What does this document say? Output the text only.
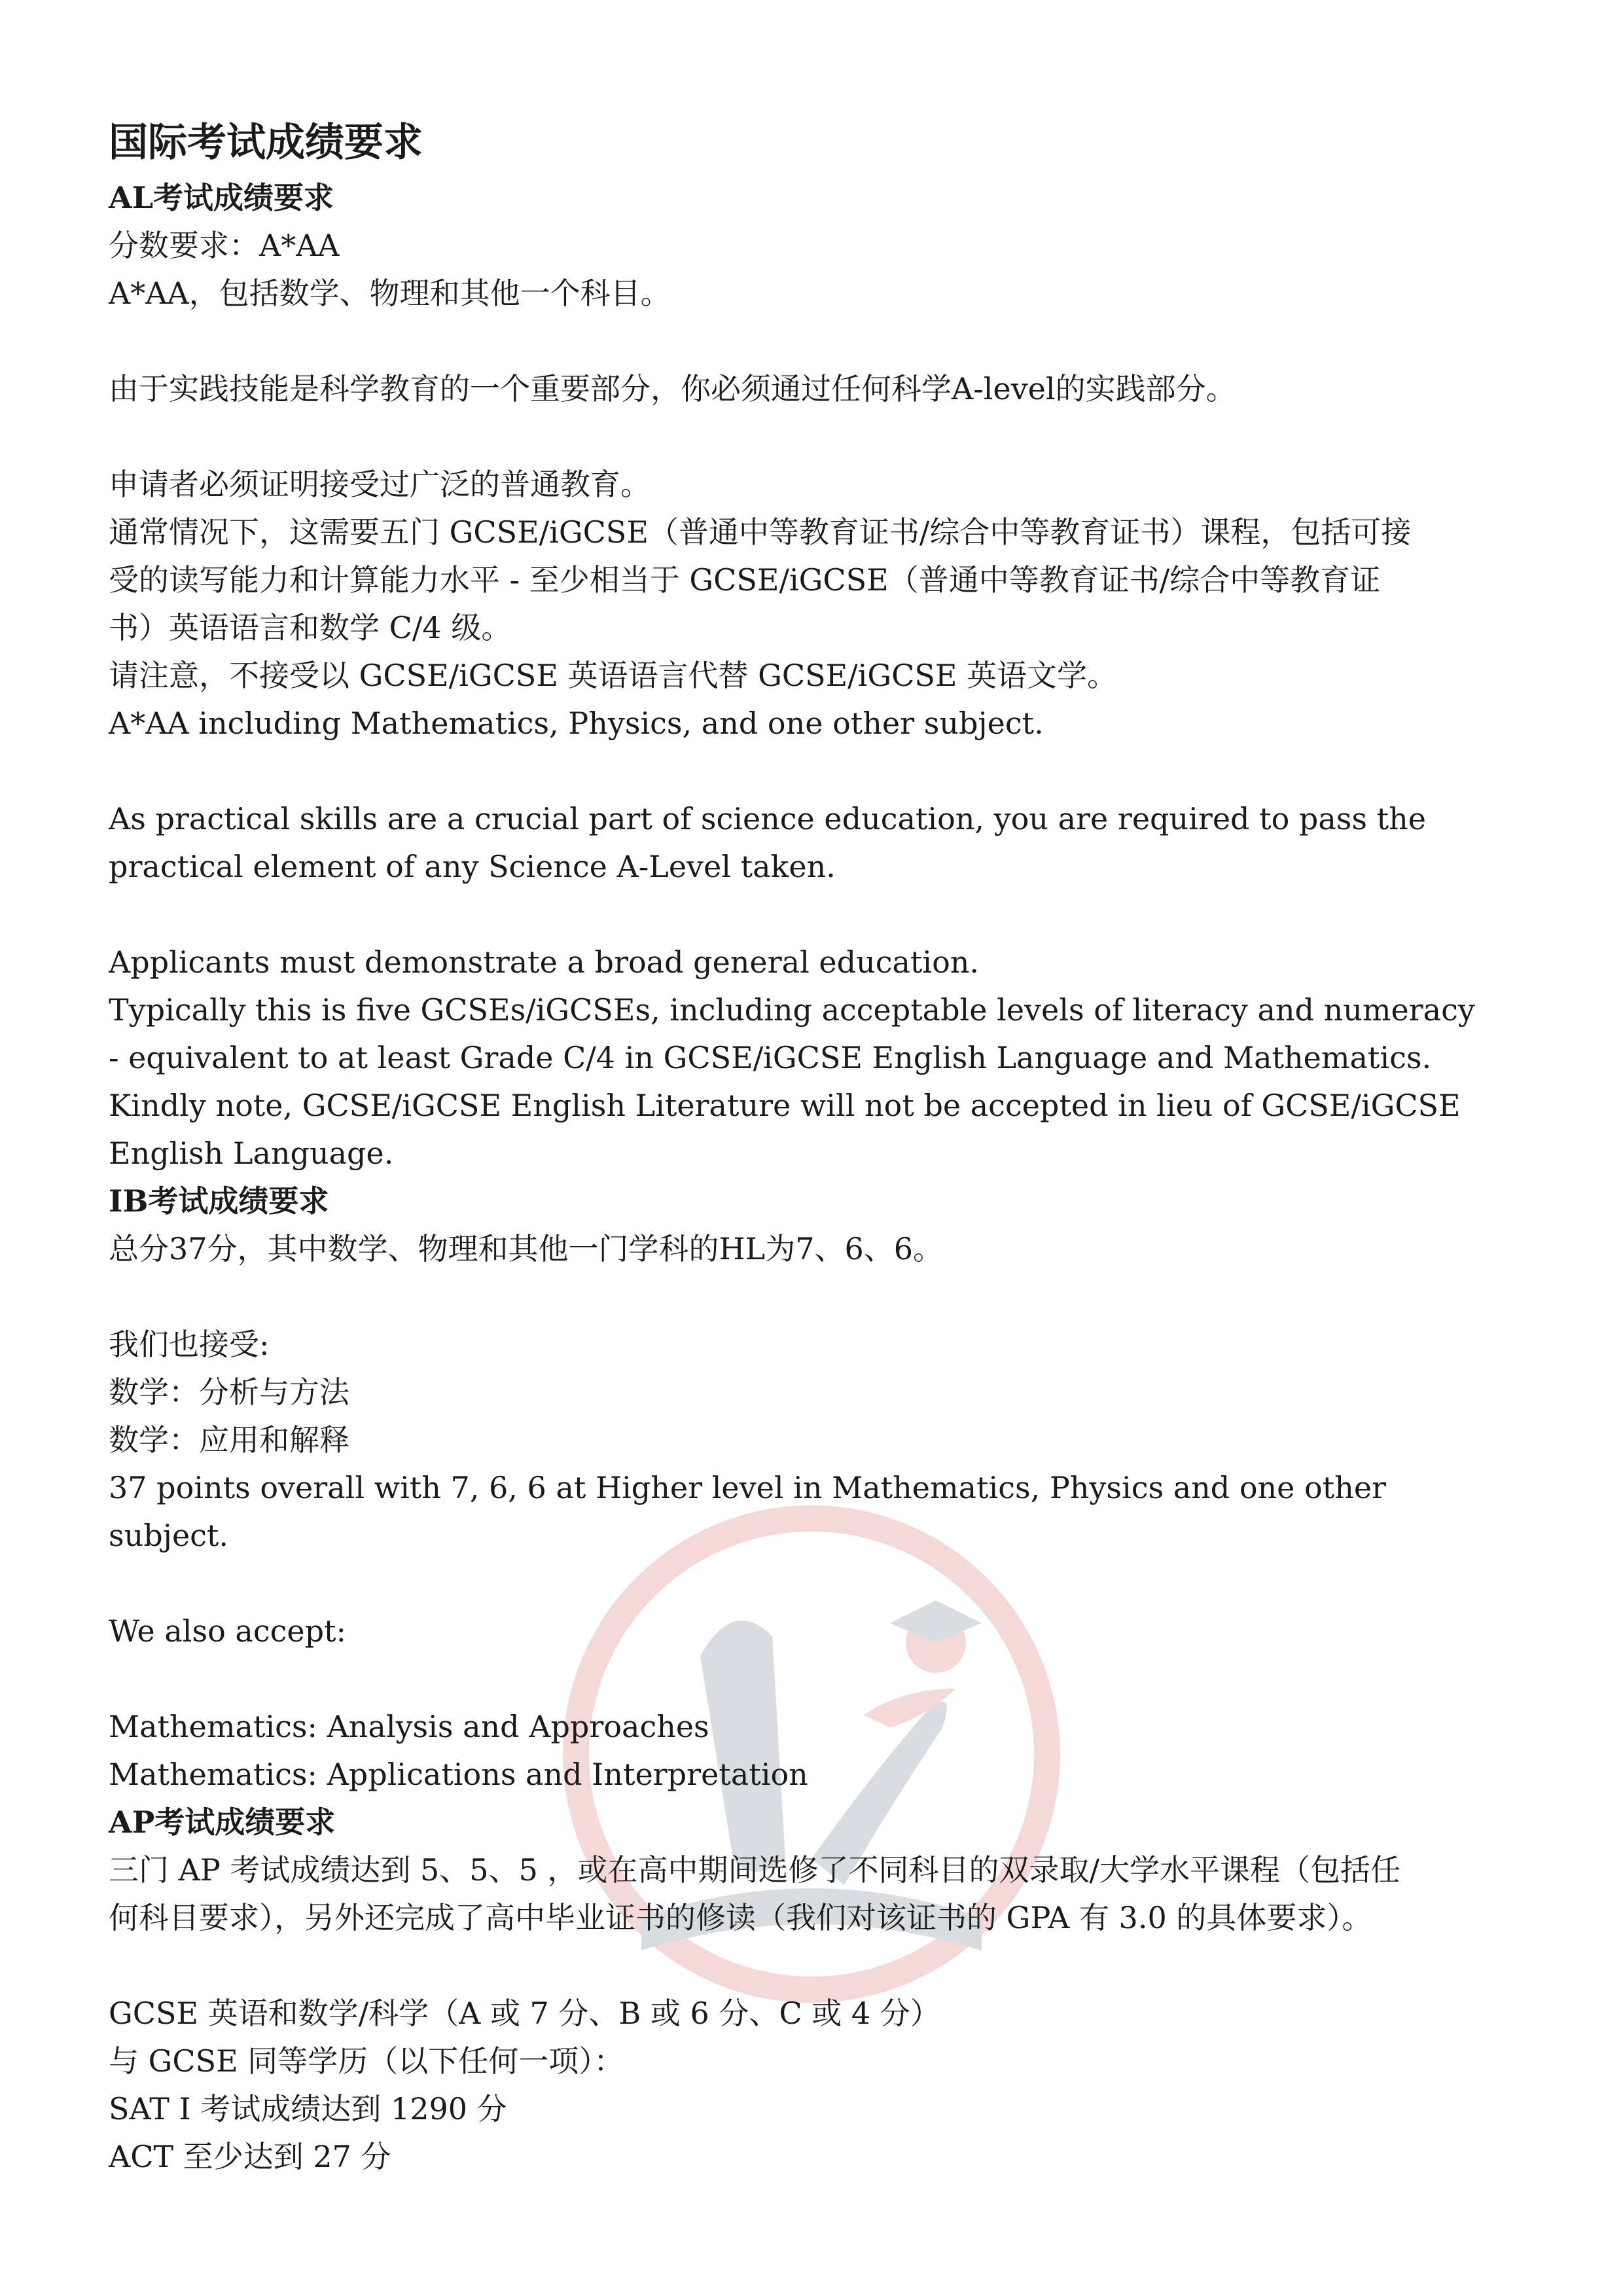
国际考试成绩要求
AL考试成绩要求

分数要求：A*AA

A*AA，包括数学、物理和其他一个科目。

由于实践技能是科学教育的一个重要部分，你必须通过任何科学A-level的实践部分。

申请者必须证明接受过广泛的普通教育。

通常情况下，这需要五门 GCSE/iGCSE（普通中等教育证书/综合中等教育证书）课程，包括可接

受的读写能力和计算能力水平 - 至少相当于 GCSE/iGCSE（普通中等教育证书/综合中等教育证

书）英语语言和数学 C/4 级。

请注意，不接受以 GCSE/iGCSE 英语语言代替 GCSE/iGCSE 英语文学。

A*AA including Mathematics, Physics, and one other subject.

As practical skills are a crucial part of science education, you are required to pass the

practical element of any Science A-Level taken.

Applicants must demonstrate a broad general education.

Typically this is five GCSEs/iGCSEs, including acceptable levels of literacy and numeracy

- equivalent to at least Grade C/4 in GCSE/iGCSE English Language and Mathematics.

Kindly note, GCSE/iGCSE English Literature will not be accepted in lieu of GCSE/iGCSE

English Language.

IB考试成绩要求

总分37分，其中数学、物理和其他一门学科的HL为7、6、6。

我们也接受:

数学：分析与方法

数学：应用和解释

37 points overall with 7, 6, 6 at Higher level in Mathematics, Physics and one other

subject.

We also accept:

Mathematics: Analysis and Approaches

Mathematics: Applications and Interpretation

AP考试成绩要求

三门 AP 考试成绩达到 5、5、5 ，或在高中期间选修了不同科目的双录取/大学水平课程（包括任

何科目要求），另外还完成了高中毕业证书的修读（我们对该证书的 GPA 有 3.0 的具体要求）。

GCSE 英语和数学/科学（A 或 7 分、B 或 6 分、C 或 4 分）

与 GCSE 同等学历（以下任何一项）：

SAT I 考试成绩达到 1290 分

ACT 至少达到 27 分
